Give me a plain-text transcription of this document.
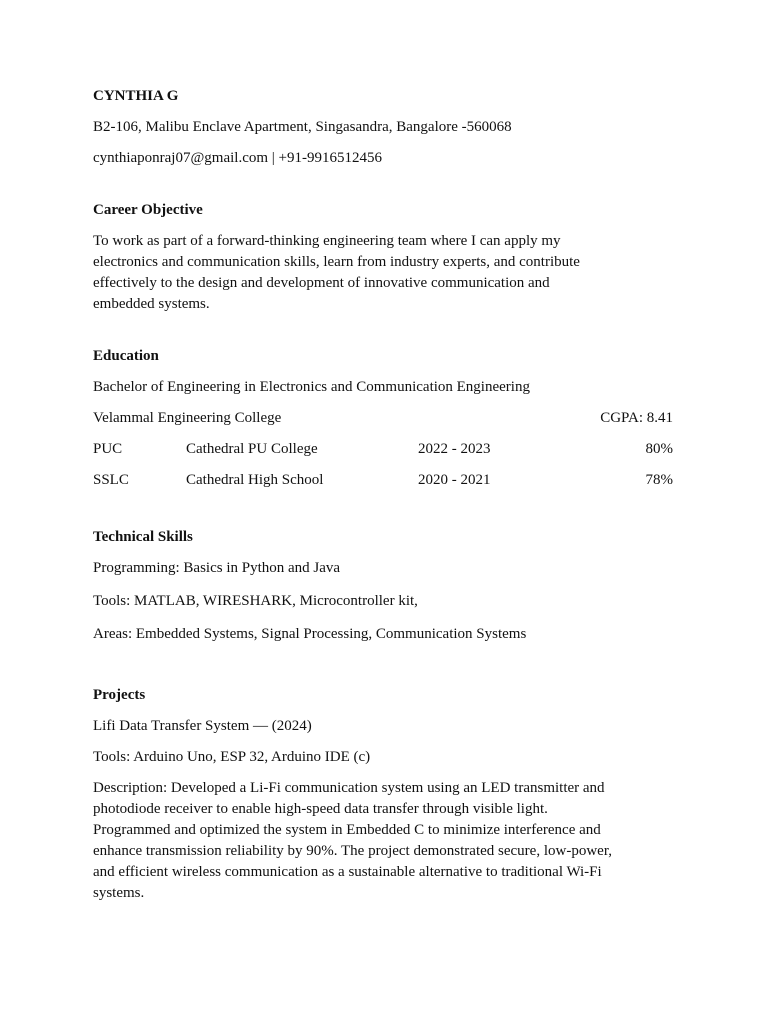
CYNTHIA G

B2-106, Malibu Enclave Apartment, Singasandra, Bangalore -560068

cynthiaponraj07@gmail.com | +91-9916512456

Career Objective

To work as part of a forward-thinking engineering team where I can apply my

electronics and communication skills, learn from industry experts, and contribute

effectively to the design and development of innovative communication and

embedded systems.

Education

Bachelor of Engineering in Electronics and Communication Engineering

Velammal Engineering College	CGPA: 8.41
PUC	Cathedral PU College	2022 - 2023	80%
SSLC	Cathedral High School	2020 - 2021	78%

Technical Skills

Programming: Basics in Python and Java

Tools: MATLAB, WIRESHARK, Microcontroller kit,

Areas: Embedded Systems, Signal Processing, Communication Systems

Projects

Lifi Data Transfer System — (2024)

Tools: Arduino Uno, ESP 32, Arduino IDE (c)

Description: Developed a Li-Fi communication system using an LED transmitter and

photodiode receiver to enable high-speed data transfer through visible light.

Programmed and optimized the system in Embedded C to minimize interference and

enhance transmission reliability by 90%. The project demonstrated secure, low-power,

and efficient wireless communication as a sustainable alternative to traditional Wi-Fi

systems.
